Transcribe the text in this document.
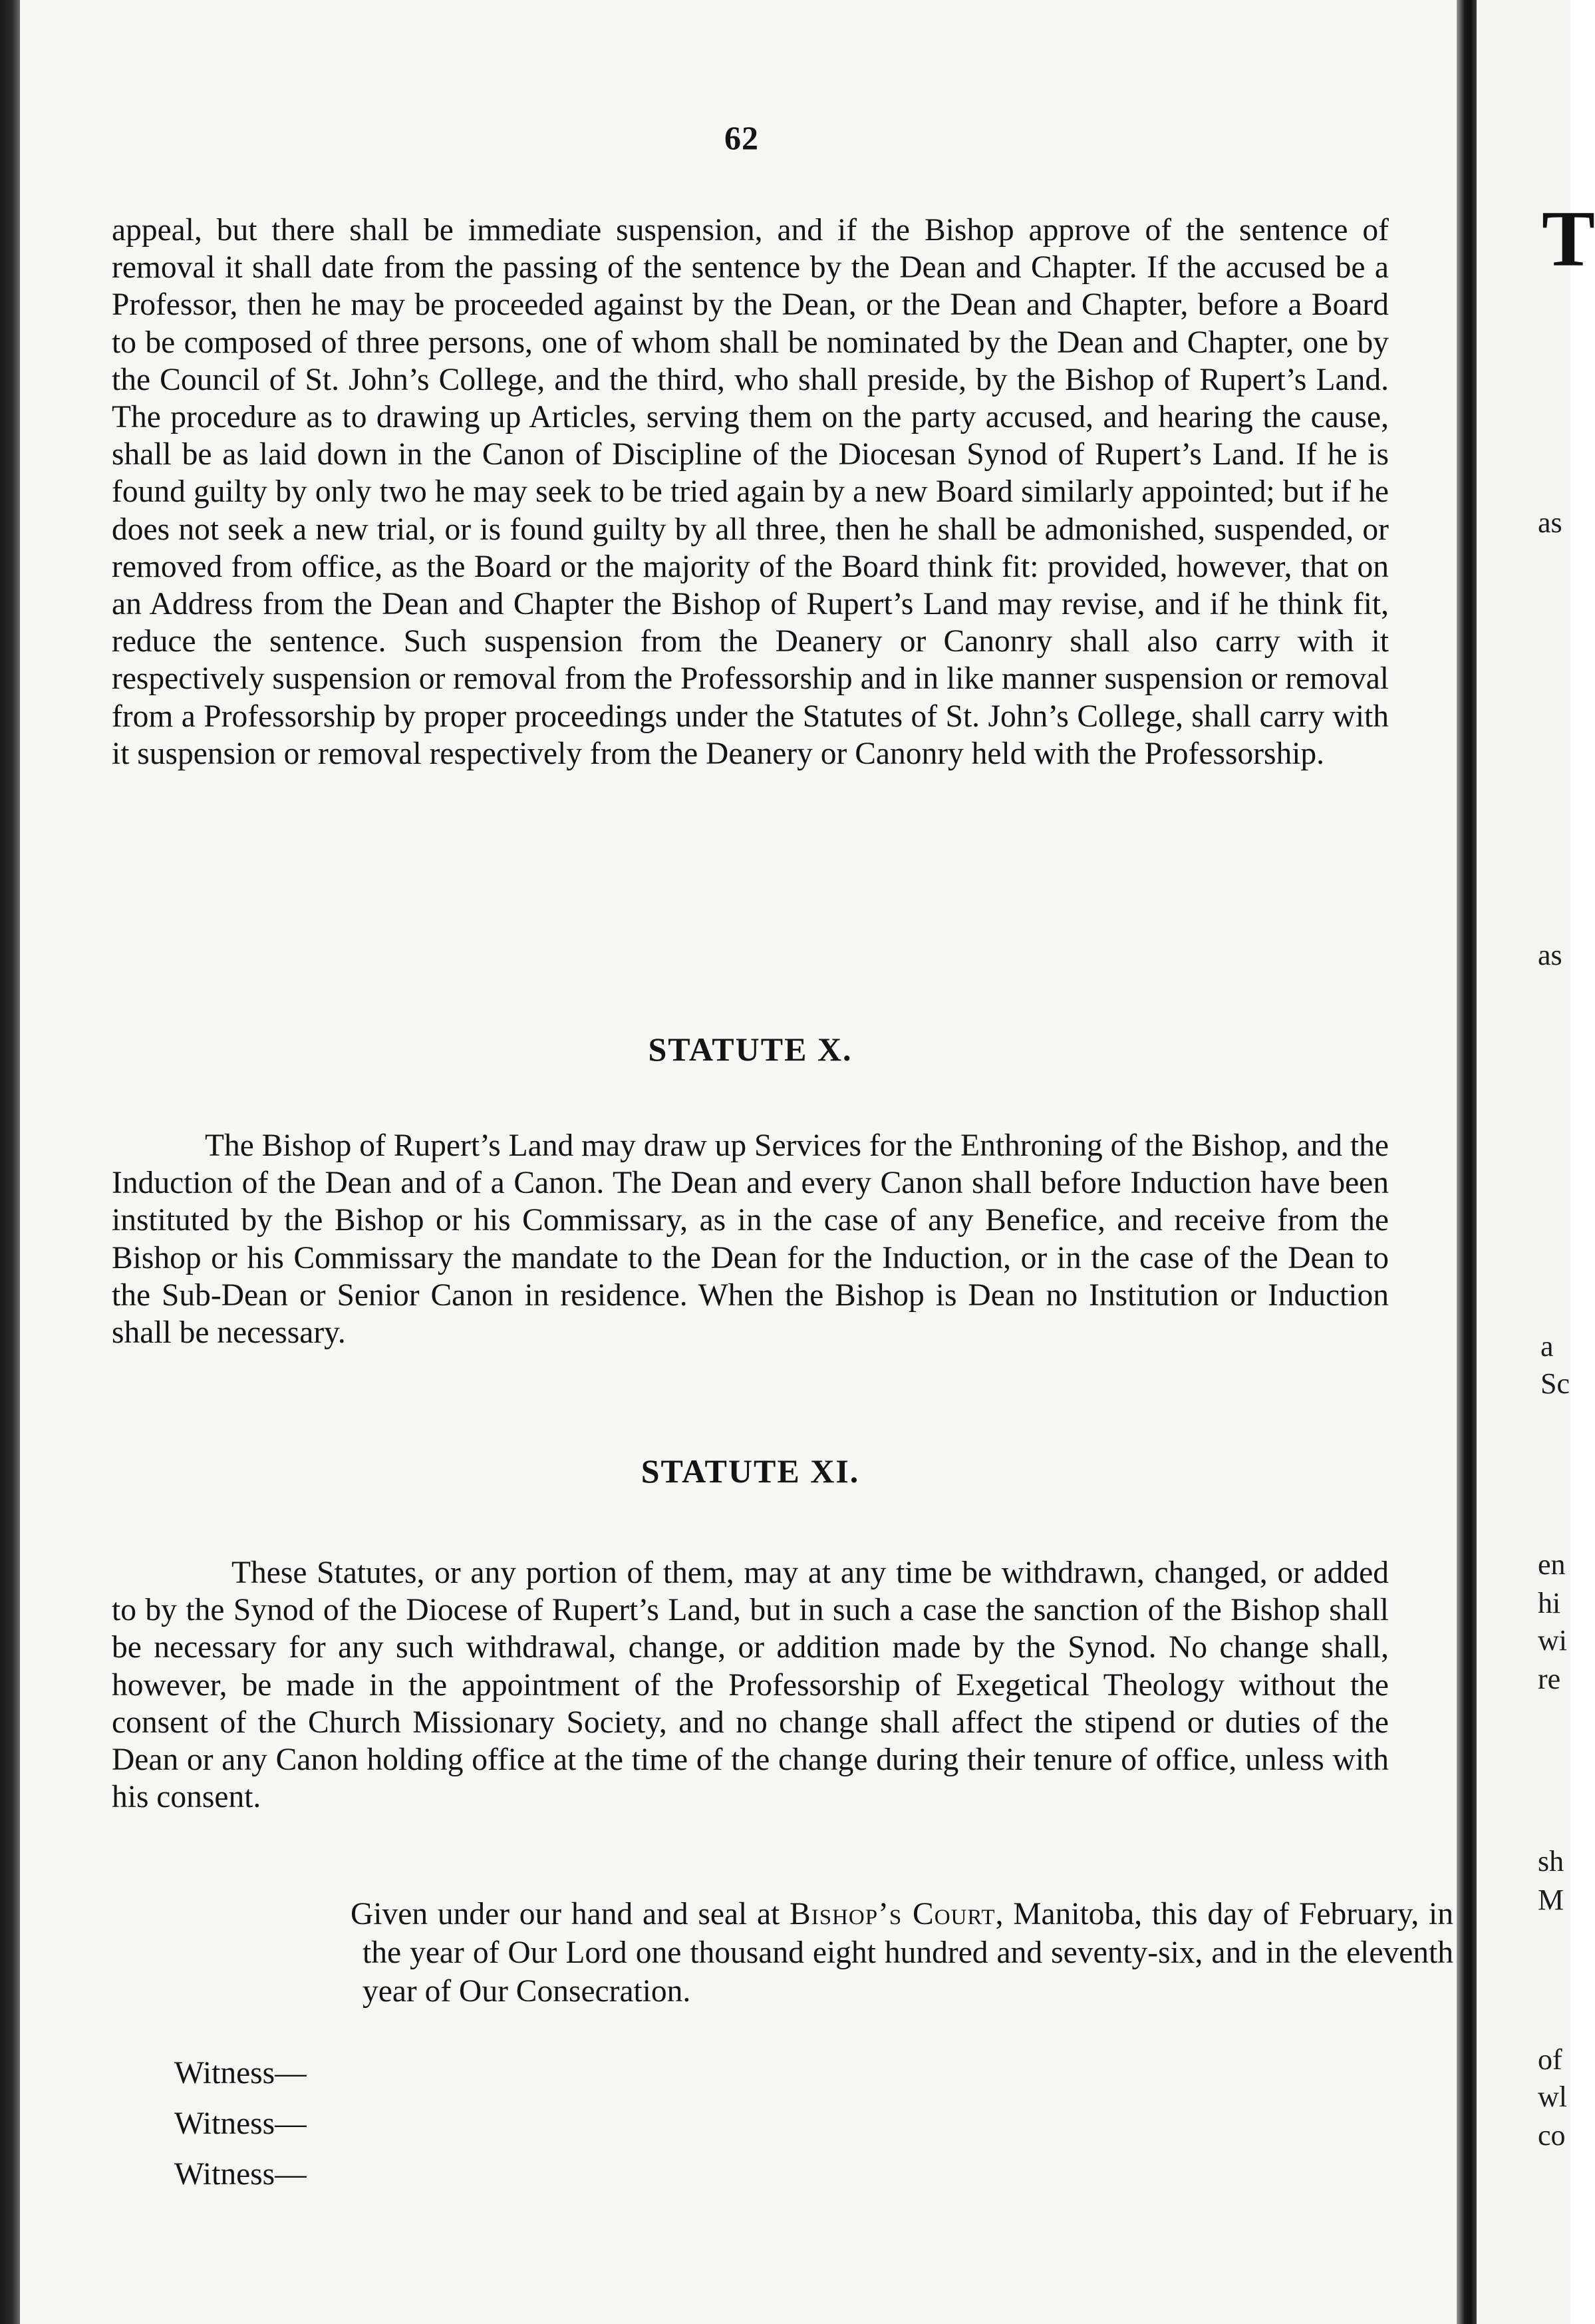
62

appeal, but there shall be immediate suspension, and if the Bishop approve of the sentence of removal it shall date from the passing of the sentence by the Dean and Chapter. If the accused be a Professor, then he may be proceeded against by the Dean, or the Dean and Chapter, before a Board to be composed of three persons, one of whom shall be nominated by the Dean and Chapter, one by the Council of St. John’s College, and the third, who shall preside, by the Bishop of Rupert’s Land. The procedure as to drawing up Articles, serving them on the party accused, and hearing the cause, shall be as laid down in the Canon of Discipline of the Diocesan Synod of Rupert’s Land. If he is found guilty by only two he may seek to be tried again by a new Board similarly appointed; but if he does not seek a new trial, or is found guilty by all three, then he shall be admonished, suspended, or removed from office, as the Board or the majority of the Board think fit: provided, however, that on an Address from the Dean and Chapter the Bishop of Rupert’s Land may revise, and if he think fit, reduce the sentence. Such suspension from the Deanery or Canonry shall also carry with it respectively suspension or removal from the Professorship and in like manner suspension or removal from a Professorship by proper proceedings under the Statutes of St. John’s College, shall carry with it suspension or removal respectively from the Deanery or Canonry held with the Professorship.

STATUTE X.

The Bishop of Rupert’s Land may draw up Services for the Enthroning of the Bishop, and the Induction of the Dean and of a Canon. The Dean and every Canon shall before Induction have been instituted by the Bishop or his Commissary, as in the case of any Benefice, and receive from the Bishop or his Commissary the mandate to the Dean for the Induction, or in the case of the Dean to the Sub-Dean or Senior Canon in residence. When the Bishop is Dean no Institution or Induction shall be necessary.

STATUTE XI.

These Statutes, or any portion of them, may at any time be withdrawn, changed, or added to by the Synod of the Diocese of Rupert’s Land, but in such a case the sanction of the Bishop shall be necessary for any such withdrawal, change, or addition made by the Synod. No change shall, however, be made in the appointment of the Professorship of Exegetical Theology without the consent of the Church Missionary Society, and no change shall affect the stipend or duties of the Dean or any Canon holding office at the time of the change during their tenure of office, unless with his consent.

Given under our hand and seal at Bishop’s Court, Manitoba, this day of February, in the year of Our Lord one thousand eight hundred and seventy-six, and in the eleventh year of Our Consecration.

Witness—

Witness—

Witness—

T

as

as

a

Sc

en

hi

wi

re

sh

M

of

wl

co
